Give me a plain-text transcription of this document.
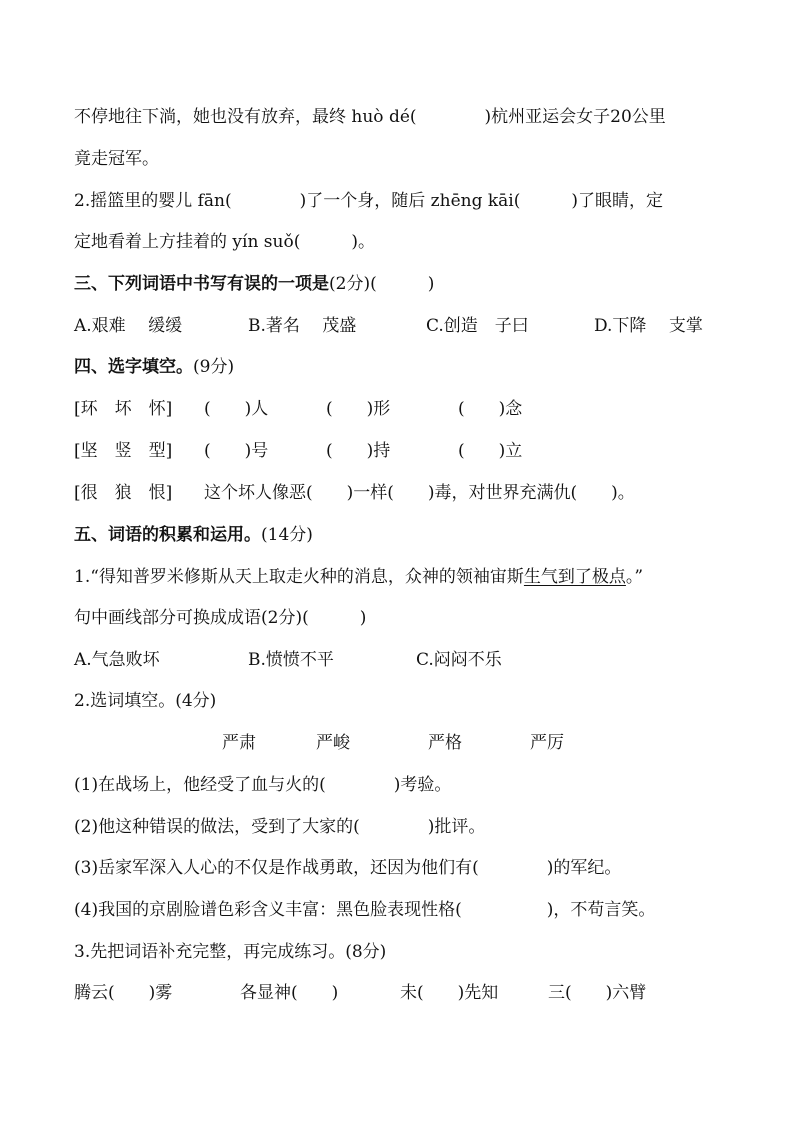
不停地往下淌，她也没有放弃，最终 huò dé(　　　　)杭州亚运会女子20公里
竟走冠军。
2.摇篮里的婴儿 fān(　　　　)了一个身，随后 zhēng kāi(　　　)了眼睛，定
定地看着上方挂着的 yín suǒ(　　　)。
三、下列词语中书写有误的一项是(2分)(　　　)
A.艰难　 缓缓	B.著名　 茂盛	C.创造　子曰	D.下降　 支掌
四、选字填空。(9分)
[环　坏　怀] (　　)人	(　　)形	(　　)念
[坚　竖　型] (　　)号	(　　)持	(　　)立
[很　狼　恨] 这个坏人像恶(　　)一样(　　)毒，对世界充满仇(　　)。
五、词语的积累和运用。(14分)
1.“得知普罗米修斯从天上取走火种的消息，众神的领袖宙斯生气到了极点。”
句中画线部分可换成成语(2分)(　　　)
A.气急败坏	B.愤愤不平	C.闷闷不乐
2.选词填空。(4分)
严肃	严峻	严格	严厉
(1)在战场上，他经受了血与火的(　　　　)考验。
(2)他这种错误的做法，受到了大家的(　　　　)批评。
(3)岳家军深入人心的不仅是作战勇敢，还因为他们有(　　　　)的军纪。
(4)我国的京剧脸谱色彩含义丰富：黑色脸表现性格(　　　　　)，不苟言笑。
3.先把词语补充完整，再完成练习。(8分)
腾云(　　)雾	各显神(　　)	未(　　)先知	三(　　)六臂
